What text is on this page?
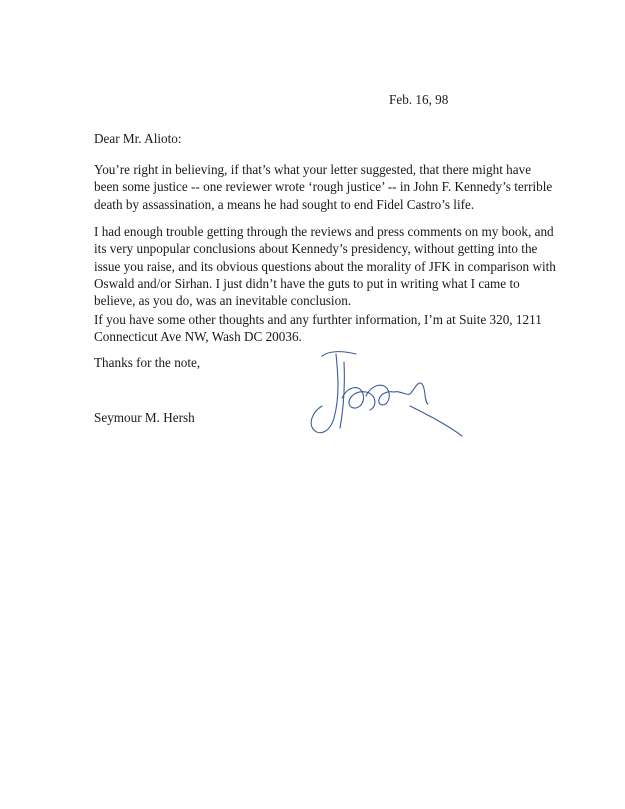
Feb. 16, 98
Dear Mr. Alioto:
You’re right in believing, if that’s what your letter suggested, that there might have
been some justice -- one reviewer wrote ‘rough justice’ -- in John F. Kennedy’s terrible
death by assassination, a means he had sought to end Fidel Castro’s life.
I had enough trouble getting through the reviews and press comments on my book, and
its very unpopular conclusions about Kennedy’s presidency, without getting into the
issue you raise, and its obvious questions about the morality of JFK in comparison with
Oswald and/or Sirhan. I just didn’t have the guts to put in writing what I came to
believe, as you do, was an inevitable conclusion.
If you have some other thoughts and any furthter information, I’m at Suite 320, 1211
Connecticut Ave NW, Wash DC 20036.
Thanks for the note,
Seymour M. Hersh
